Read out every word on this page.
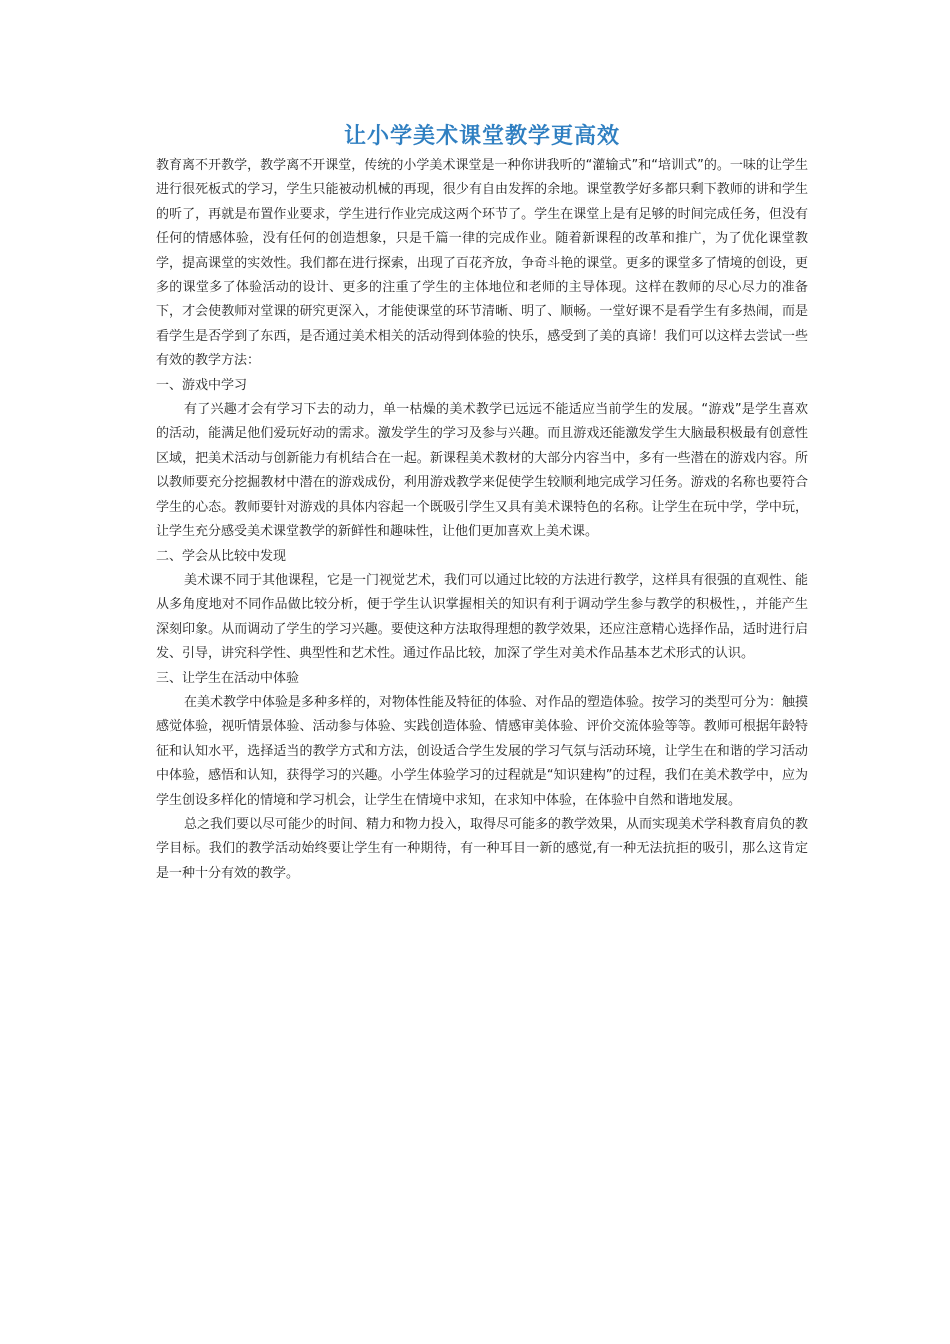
让小学美术课堂教学更高效

教育离不开教学，教学离不开课堂，传统的小学美术课堂是一种你讲我听的“灌输式”和“培训式”的。一味的让学生进行很死板式的学习，学生只能被动机械的再现，很少有自由发挥的余地。课堂教学好多都只剩下教师的讲和学生的听了，再就是布置作业要求，学生进行作业完成这两个环节了。学生在课堂上是有足够的时间完成任务，但没有任何的情感体验，没有任何的创造想象，只是千篇一律的完成作业。随着新课程的改革和推广，为了优化课堂教学，提高课堂的实效性。我们都在进行探索，出现了百花齐放，争奇斗艳的课堂。更多的课堂多了情境的创设，更多的课堂多了体验活动的设计、更多的注重了学生的主体地位和老师的主导体现。这样在教师的尽心尽力的准备下，才会使教师对堂课的研究更深入，才能使课堂的环节清晰、明了、顺畅。一堂好课不是看学生有多热闹，而是看学生是否学到了东西，是否通过美术相关的活动得到体验的快乐，感受到了美的真谛！我们可以这样去尝试一些有效的教学方法：

一、游戏中学习

有了兴趣才会有学习下去的动力，单一枯燥的美术教学已远远不能适应当前学生的发展。“游戏”是学生喜欢的活动，能满足他们爱玩好动的需求。激发学生的学习及参与兴趣。而且游戏还能激发学生大脑最积极最有创意性区域，把美术活动与创新能力有机结合在一起。新课程美术教材的大部分内容当中，多有一些潜在的游戏内容。所以教师要充分挖掘教材中潜在的游戏成份，利用游戏教学来促使学生较顺利地完成学习任务。游戏的名称也要符合学生的心态。教师要针对游戏的具体内容起一个既吸引学生又具有美术课特色的名称。让学生在玩中学，学中玩，让学生充分感受美术课堂教学的新鲜性和趣味性，让他们更加喜欢上美术课。

二、学会从比较中发现

美术课不同于其他课程，它是一门视觉艺术，我们可以通过比较的方法进行教学，这样具有很强的直观性、能从多角度地对不同作品做比较分析，便于学生认识掌握相关的知识有利于调动学生参与教学的积极性，，并能产生深刻印象。从而调动了学生的学习兴趣。要使这种方法取得理想的教学效果，还应注意精心选择作品，适时进行启发、引导，讲究科学性、典型性和艺术性。通过作品比较，加深了学生对美术作品基本艺术形式的认识。

三、让学生在活动中体验

在美术教学中体验是多种多样的，对物体性能及特征的体验、对作品的塑造体验。按学习的类型可分为：触摸感觉体验，视听情景体验、活动参与体验、实践创造体验、情感审美体验、评价交流体验等等。教师可根据年龄特征和认知水平，选择适当的教学方式和方法，创设适合学生发展的学习气氛与活动环境，让学生在和谐的学习活动中体验，感悟和认知，获得学习的兴趣。小学生体验学习的过程就是“知识建构”的过程，我们在美术教学中，应为学生创设多样化的情境和学习机会，让学生在情境中求知，在求知中体验，在体验中自然和谐地发展。

总之我们要以尽可能少的时间、精力和物力投入，取得尽可能多的教学效果，从而实现美术学科教育肩负的教学目标。我们的教学活动始终要让学生有一种期待，有一种耳目一新的感觉,有一种无法抗拒的吸引，那么这肯定是一种十分有效的教学。
